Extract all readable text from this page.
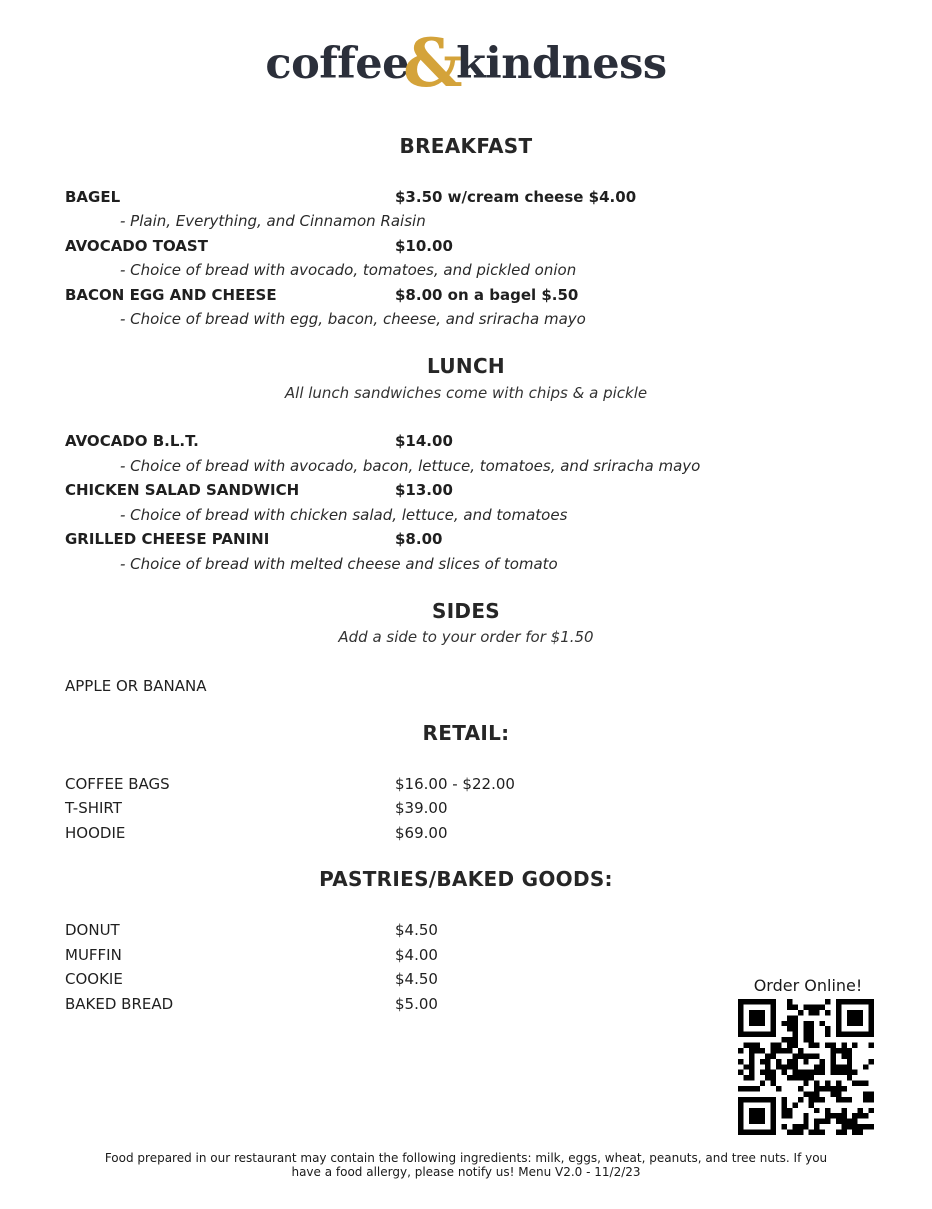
coffee&kindness
BREAKFAST
BAGEL	$3.50 w/cream cheese $4.00
- Plain, Everything, and Cinnamon Raisin
AVOCADO TOAST	$10.00
- Choice of bread with avocado, tomatoes, and pickled onion
BACON EGG AND CHEESE	$8.00 on a bagel $.50
- Choice of bread with egg, bacon, cheese, and sriracha mayo
LUNCH
All lunch sandwiches come with chips & a pickle
AVOCADO B.L.T.	$14.00
- Choice of bread with avocado, bacon, lettuce, tomatoes, and sriracha mayo
CHICKEN SALAD SANDWICH	$13.00
- Choice of bread with chicken salad, lettuce, and tomatoes
GRILLED CHEESE PANINI	$8.00
- Choice of bread with melted cheese and slices of tomato
SIDES
Add a side to your order for $1.50
APPLE OR BANANA
RETAIL:
COFFEE BAGS	$16.00 - $22.00
T-SHIRT	$39.00
HOODIE	$69.00
PASTRIES/BAKED GOODS:
DONUT	$4.50
MUFFIN	$4.00
COOKIE	$4.50
BAKED BREAD	$5.00
Order Online!
Food prepared in our restaurant may contain the following ingredients: milk, eggs, wheat, peanuts, and tree nuts. If you
have a food allergy, please notify us! Menu V2.0 - 11/2/23
